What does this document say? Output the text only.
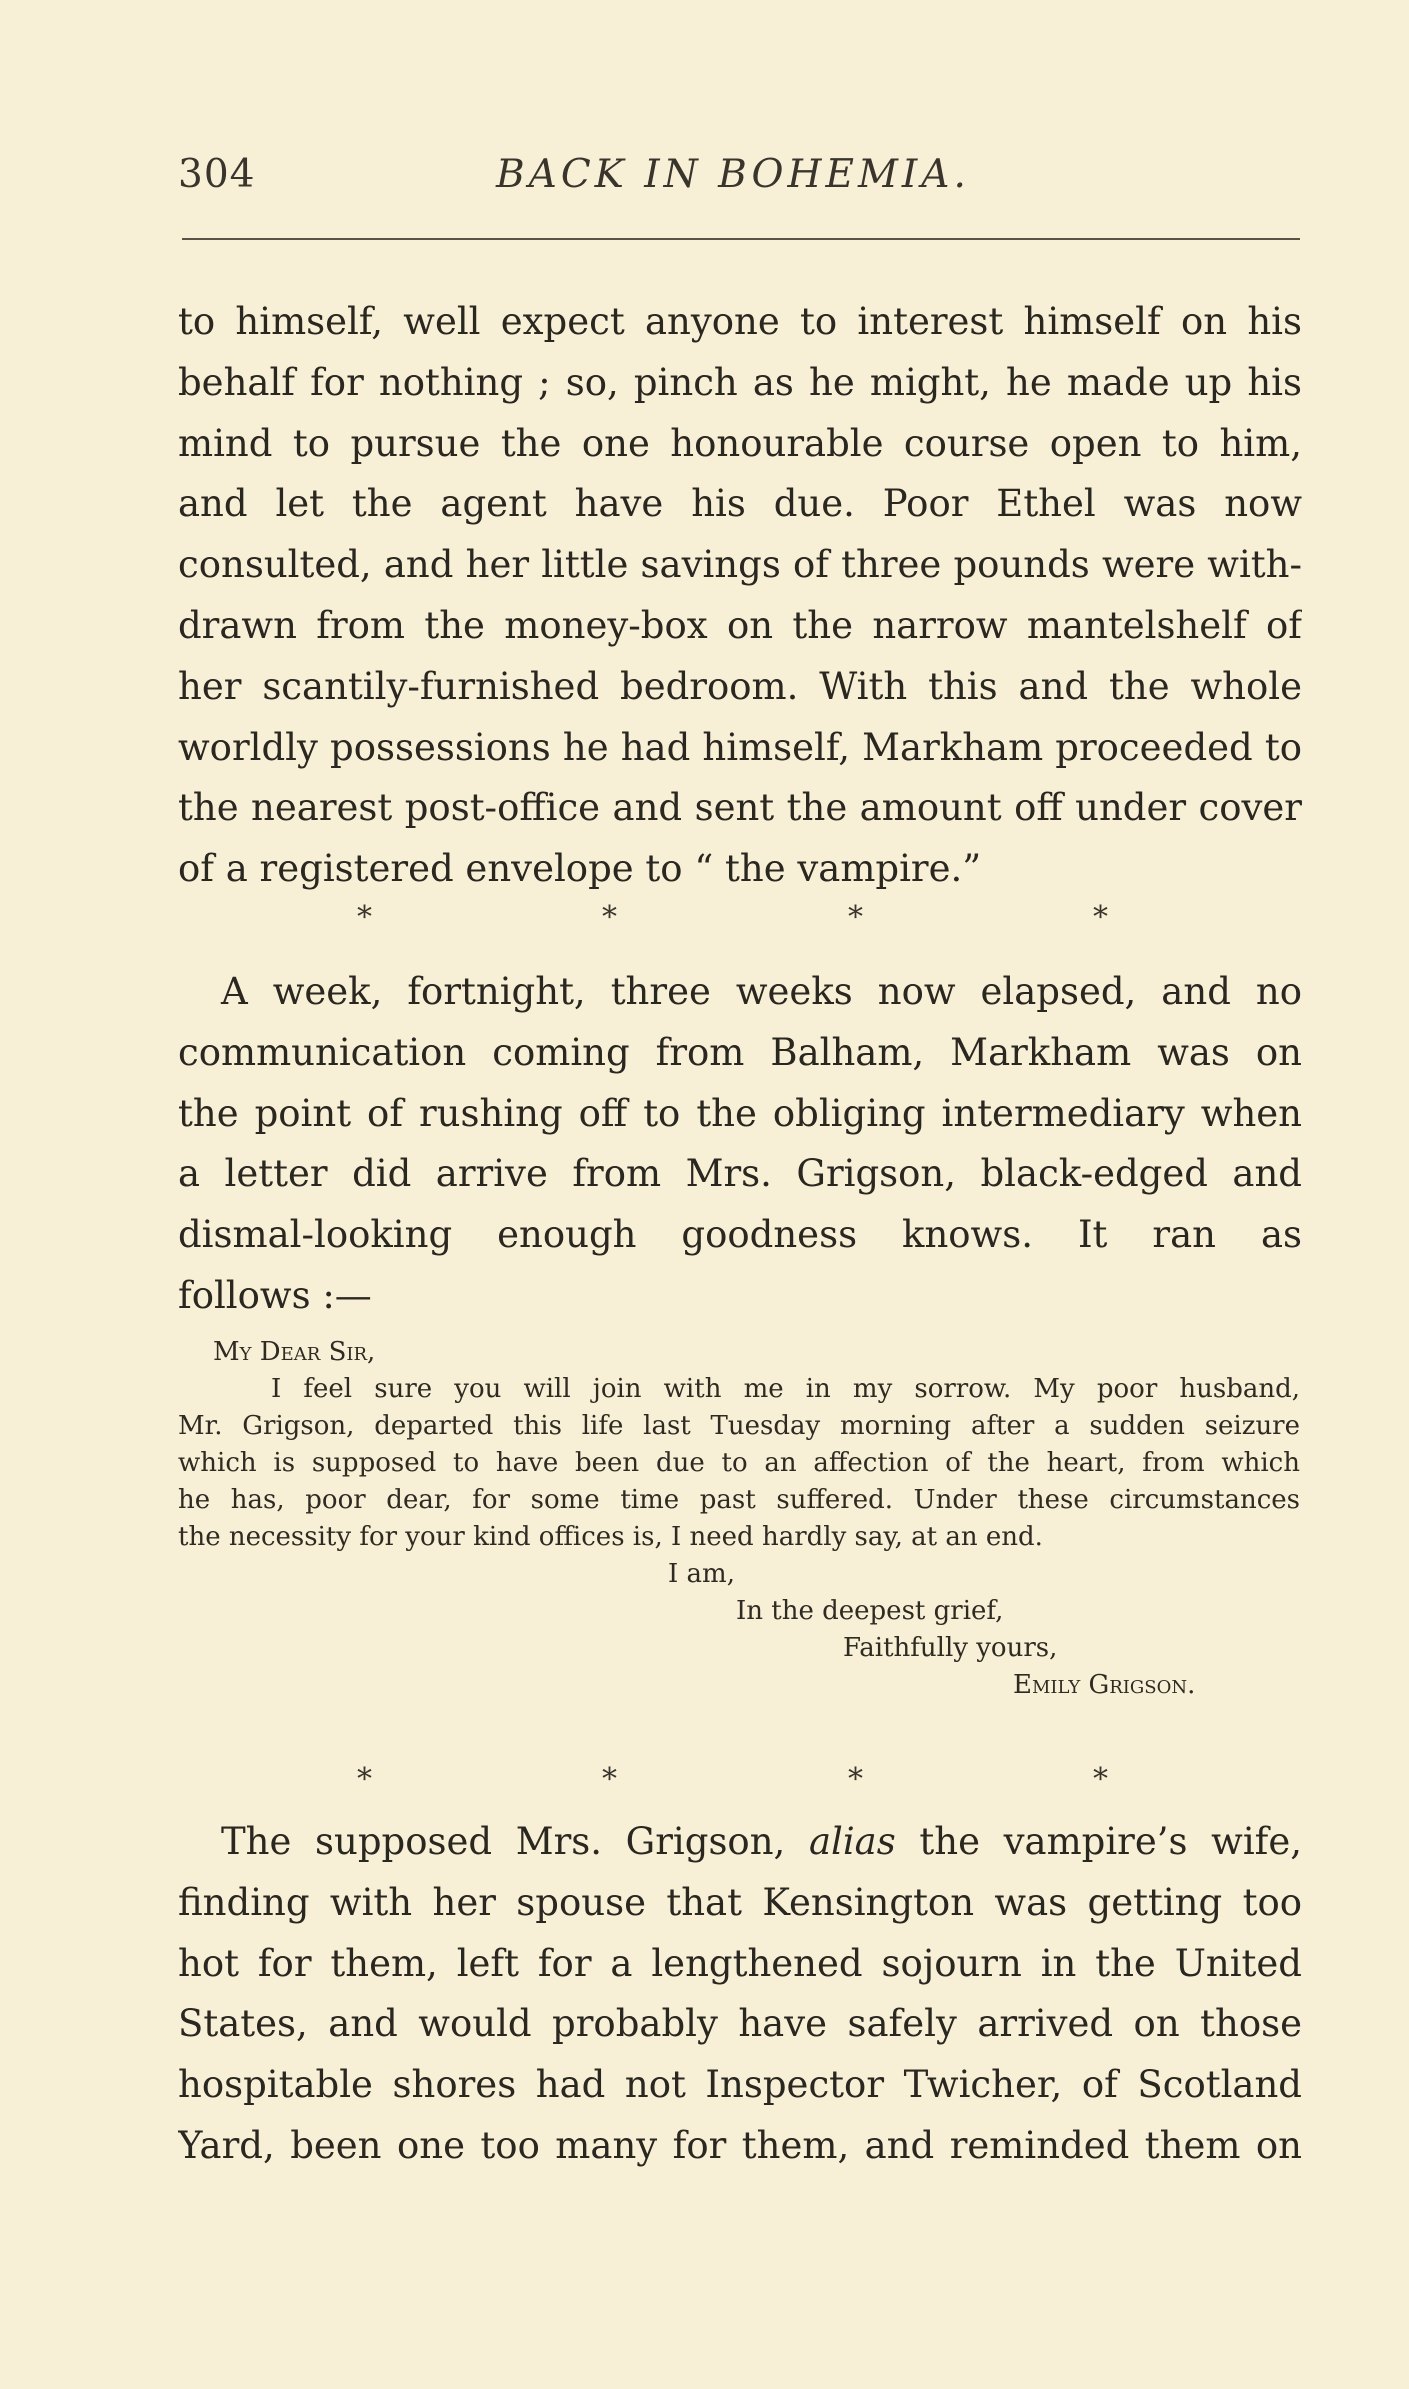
304	BACK IN BOHEMIA.
to himself, well expect anyone to interest himself on his
behalf for nothing ; so, pinch as he might, he made up his
mind to pursue the one honourable course open to him,
and let the agent have his due. Poor Ethel was now
consulted, and her little savings of three pounds were with-
drawn from the money-box on the narrow mantelshelf of
her scantily-furnished bedroom. With this and the whole
worldly possessions he had himself, Markham proceeded to
the nearest post-office and sent the amount off under cover
of a registered envelope to “ the vampire.”
*	*	*	*
A week, fortnight, three weeks now elapsed, and no
communication coming from Balham, Markham was on
the point of rushing off to the obliging intermediary when
a letter did arrive from Mrs. Grigson, black-edged and
dismal-looking enough goodness knows. It ran as
follows :—
My Dear Sir,
I feel sure you will join with me in my sorrow. My poor husband,
Mr. Grigson, departed this life last Tuesday morning after a sudden seizure
which is supposed to have been due to an affection of the heart, from which
he has, poor dear, for some time past suffered. Under these circumstances
the necessity for your kind offices is, I need hardly say, at an end.
I am,
In the deepest grief,
Faithfully yours,
Emily Grigson.
*	*	*	*
The supposed Mrs. Grigson, alias the vampire’s wife,
finding with her spouse that Kensington was getting too
hot for them, left for a lengthened sojourn in the United
States, and would probably have safely arrived on those
hospitable shores had not Inspector Twicher, of Scotland
Yard, been one too many for them, and reminded them on
